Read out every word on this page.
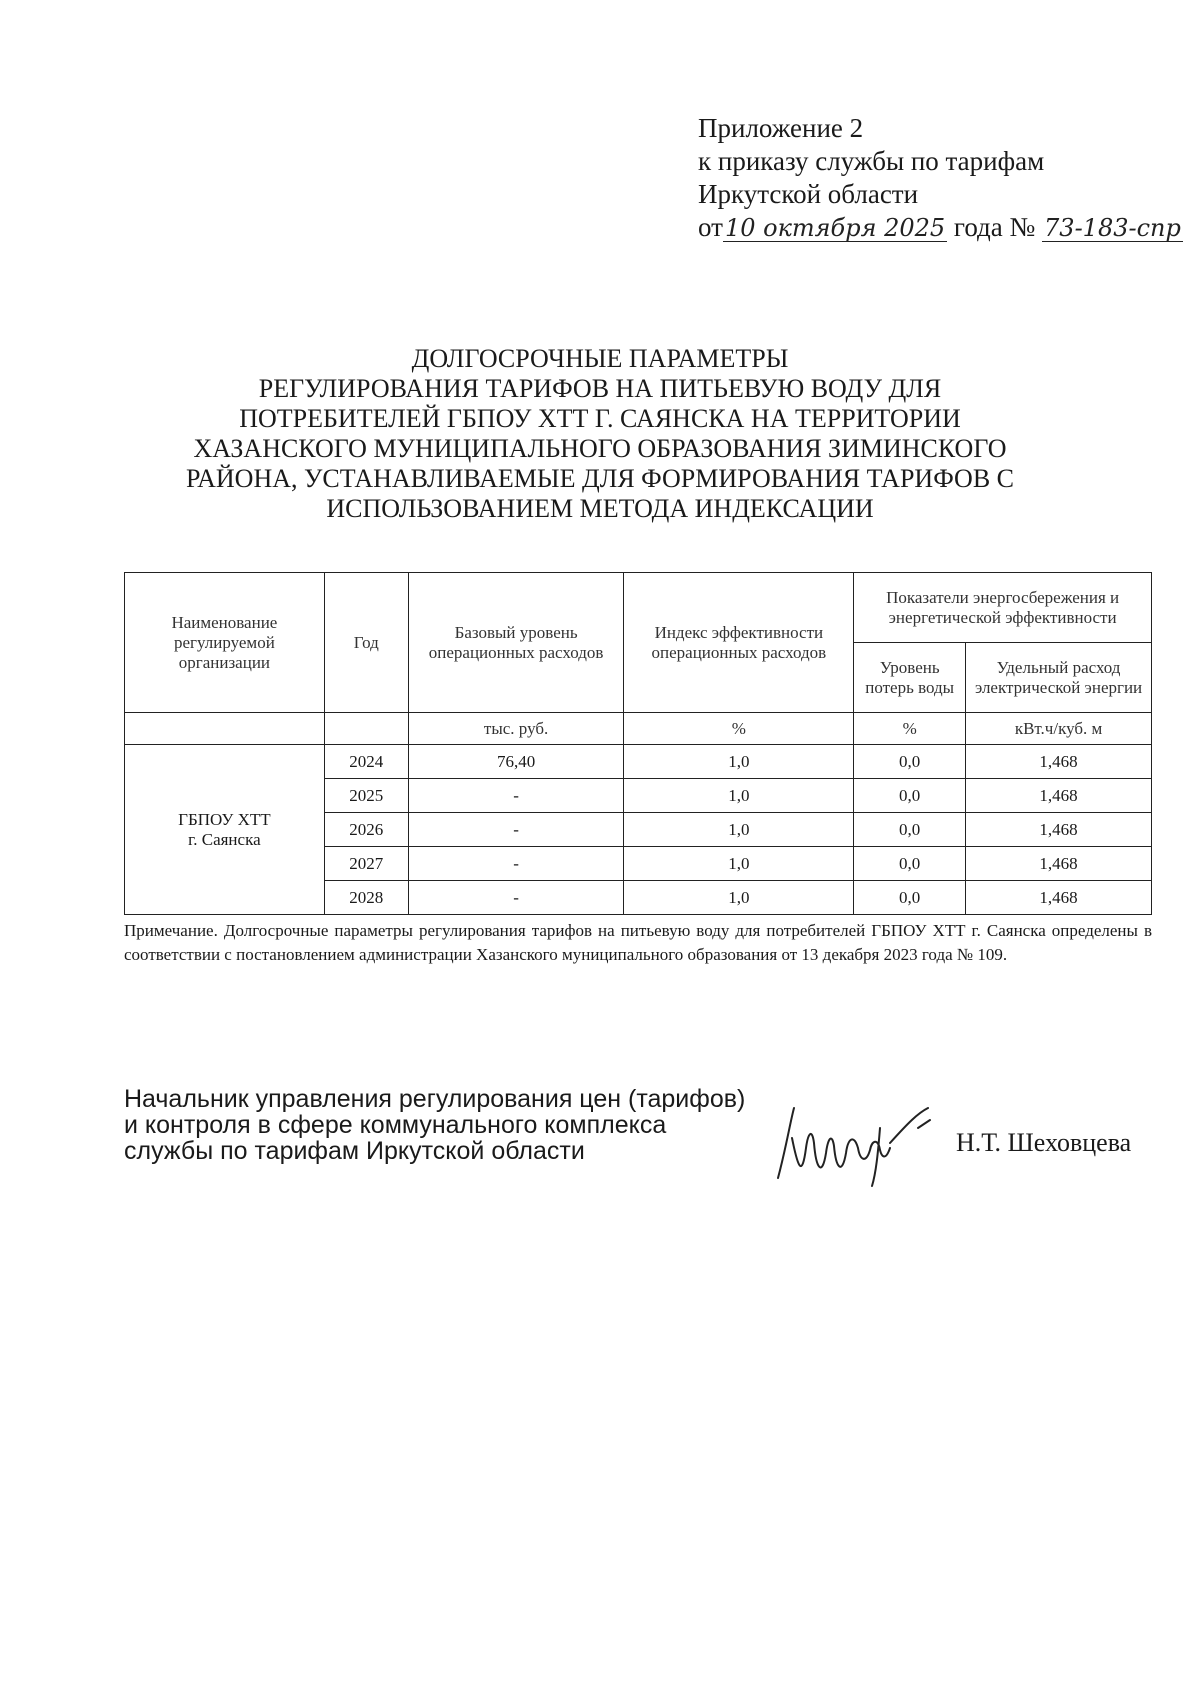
Приложение 2
к приказу службы по тарифам
Иркутской области
от10 октября 2025 года № 73-183-спр
ДОЛГОСРОЧНЫЕ ПАРАМЕТРЫ
РЕГУЛИРОВАНИЯ ТАРИФОВ НА ПИТЬЕВУЮ ВОДУ ДЛЯ
ПОТРЕБИТЕЛЕЙ ГБПОУ ХТТ Г. САЯНСКА НА ТЕРРИТОРИИ
ХАЗАНСКОГО МУНИЦИПАЛЬНОГО ОБРАЗОВАНИЯ ЗИМИНСКОГО
РАЙОНА, УСТАНАВЛИВАЕМЫЕ ДЛЯ ФОРМИРОВАНИЯ ТАРИФОВ С
ИСПОЛЬЗОВАНИЕМ МЕТОДА ИНДЕКСАЦИИ
Наименование регулируемой организации	Год	Базовый уровень операционных расходов	Индекс эффективности операционных расходов	Показатели энергосбережения и энергетической эффективности	
				Уровень потерь воды	Удельный расход электрической энергии
		тыс. руб.	%	%	кВт.ч/куб. м

ГБПОУ ХТТ
г. Саянска	2024	76,40	1,0	0,0	1,468
	2025	-	1,0	0,0	1,468
	2026	-	1,0	0,0	1,468
	2027	-	1,0	0,0	1,468
	2028	-	1,0	0,0	1,468
Примечание. Долгосрочные параметры регулирования тарифов на питьевую воду для потребителей ГБПОУ ХТТ г. Саянска определены в соответствии с постановлением администрации Хазанского муниципального образования от 13 декабря 2023 года № 109.
Начальник управления регулирования цен (тарифов)
и контроля в сфере коммунального комплекса
службы по тарифам Иркутской области	Н.Т. Шеховцева
